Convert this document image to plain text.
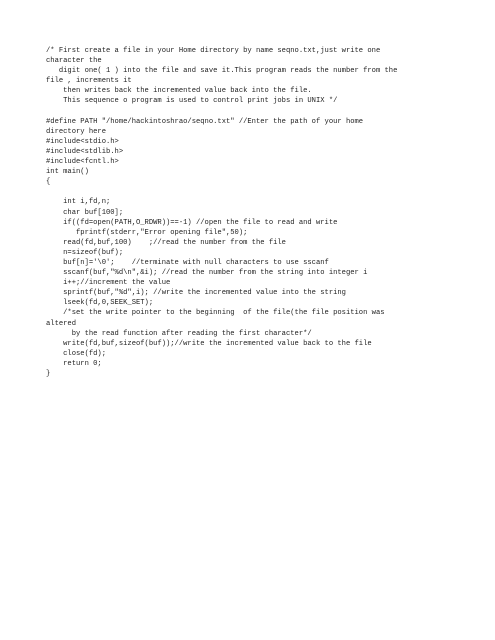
/* First create a file in your Home directory by name seqno.txt,just write one
character the
digit one( 1 ) into the file and save it.This program reads the number from the
file , increments it
then writes back the incremented value back into the file.
This sequence o program is used to control print jobs in UNIX */
#define PATH "/home/hackintoshrao/seqno.txt" //Enter the path of your home
directory here
#include<stdio.h>
#include<stdlib.h>
#include<fcntl.h>
int main()
{
int i,fd,n;
char buf[100];
if((fd=open(PATH,O_RDWR))==-1) //open the file to read and write
fprintf(stderr,"Error opening file",50);
read(fd,buf,100)    ;//read the number from the file
n=sizeof(buf);
buf[n]='\0';    //terminate with null characters to use sscanf
sscanf(buf,"%d\n",&i); //read the number from the string into integer i
i++;//increment the value
sprintf(buf,"%d",i); //write the incremented value into the string
lseek(fd,0,SEEK_SET);
/*set the write pointer to the beginning  of the file(the file position was
altered
by the read function after reading the first character*/
write(fd,buf,sizeof(buf));//write the incremented value back to the file
close(fd);
return 0;
}
